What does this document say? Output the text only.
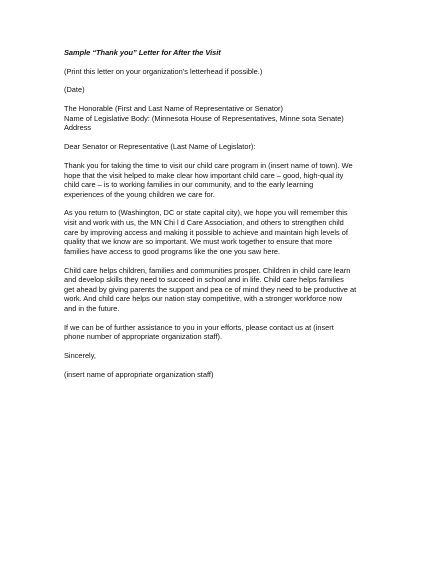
Sample “Thank you” Letter for After the Visit

(Print this letter on your organization’s letterhead if possible.)

(Date)

The Honorable (First and Last Name of Representative or Senator)
Name of Legislative Body: (Minnesota House of Representatives, Minne sota Senate)
Address

Dear Senator or Representative (Last Name of Legislator):

Thank you for taking the time to visit our child care program in (insert name of town). We
hope that the visit helped to make clear how important child care – good, high-qual ity
child care – is to working families in our community, and to the early learning
experiences of the young children we care for.

As you return to (Washington, DC or state capital city), we hope you will remember this
visit and work with us, the MN Chi l d Care Association, and others to strengthen child
care by improving access and making it possible to achieve and maintain high levels of
quality that we know are so important. We must work together to ensure that more
families have access to good programs like the one you saw here.

Child care helps children, families and communities prosper. Children in child care learn
and develop skills they need to succeed in school and in life. Child care helps families
get ahead by giving parents the support and pea ce of mind they need to be productive at
work. And child care helps our nation stay competitive, with a stronger workforce now
and in the future.

If we can be of further assistance to you in your efforts, please contact us at (insert
phone number of appropriate organization staff).

Sincerely,

(insert name of appropriate organization staff)
